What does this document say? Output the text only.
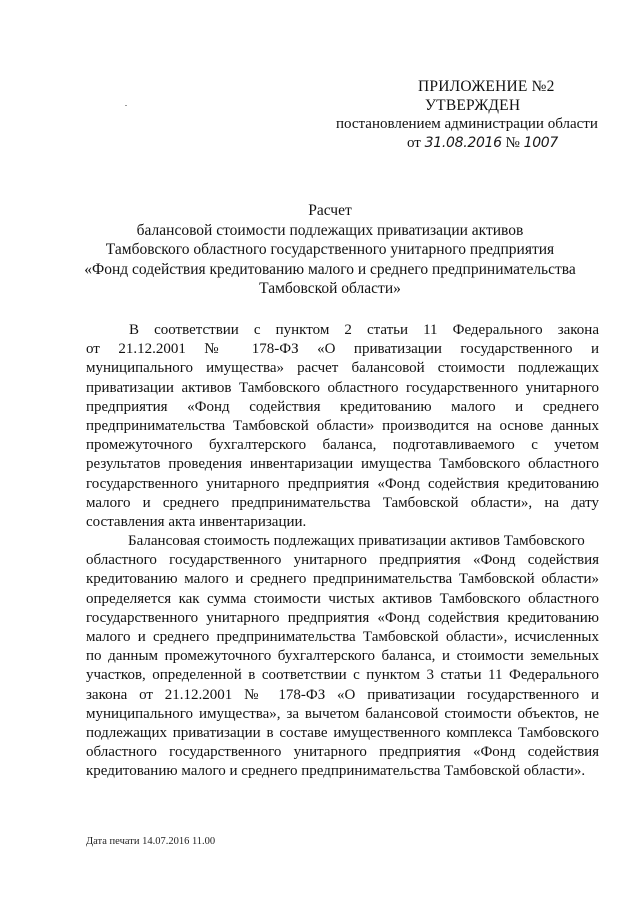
ПРИЛОЖЕНИЕ №2
УТВЕРЖДЕН
постановлением администрации области
от 31.08.2016 № 1007
Расчет
балансовой стоимости подлежащих приватизации активов
Тамбовского областного государственного унитарного предприятия
«Фонд содействия кредитованию малого и среднего предпринимательства
Тамбовской области»
В соответствии с пунктом 2 статьи 11 Федерального закона
от 21.12.2001 № 178-ФЗ «О приватизации государственного и
муниципального имущества» расчет балансовой стоимости подлежащих
приватизации активов Тамбовского областного государственного унитарного
предприятия «Фонд содействия кредитованию малого и среднего
предпринимательства Тамбовской области» производится на основе данных
промежуточного бухгалтерского баланса, подготавливаемого с учетом
результатов проведения инвентаризации имущества Тамбовского областного
государственного унитарного предприятия «Фонд содействия кредитованию
малого и среднего предпринимательства Тамбовской области», на дату
составления акта инвентаризации.
Балансовая стоимость подлежащих приватизации активов Тамбовского
областного государственного унитарного предприятия «Фонд содействия
кредитованию малого и среднего предпринимательства Тамбовской области»
определяется как сумма стоимости чистых активов Тамбовского областного
государственного унитарного предприятия «Фонд содействия кредитованию
малого и среднего предпринимательства Тамбовской области», исчисленных
по данным промежуточного бухгалтерского баланса, и стоимости земельных
участков, определенной в соответствии с пунктом 3 статьи 11 Федерального
закона от 21.12.2001 № 178-ФЗ «О приватизации государственного и
муниципального имущества», за вычетом балансовой стоимости объектов, не
подлежащих приватизации в составе имущественного комплекса Тамбовского
областного государственного унитарного предприятия «Фонд содействия
кредитованию малого и среднего предпринимательства Тамбовской области».
Дата печати 14.07.2016 11.00
